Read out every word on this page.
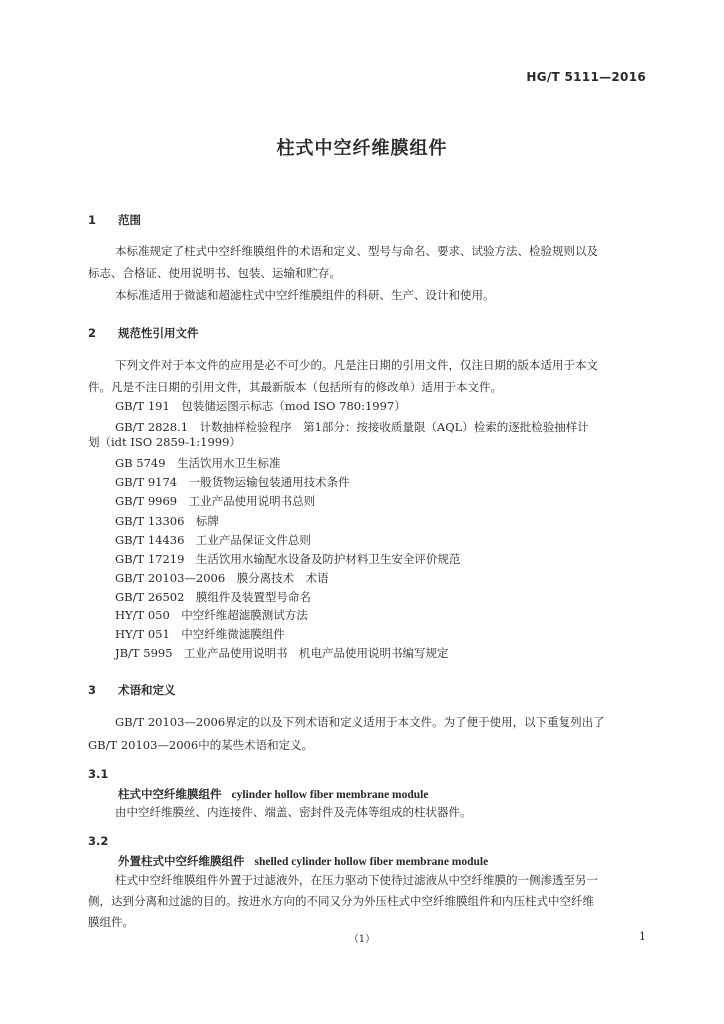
HG/T 5111—2016
柱式中空纤维膜组件
1 范围
本标准规定了柱式中空纤维膜组件的术语和定义、型号与命名、要求、试验方法、检验规则以及
标志、合格证、使用说明书、包装、运输和贮存。
本标准适用于微滤和超滤柱式中空纤维膜组件的科研、生产、设计和使用。
2 规范性引用文件
下列文件对于本文件的应用是必不可少的。凡是注日期的引用文件，仅注日期的版本适用于本文
件。凡是不注日期的引用文件，其最新版本（包括所有的修改单）适用于本文件。
GB/T 191　包装储运图示标志（mod ISO 780:1997）
GB/T 2828.1　计数抽样检验程序　第1部分：按接收质量限（AQL）检索的逐批检验抽样计
划（idt ISO 2859-1:1999）
GB 5749　生活饮用水卫生标准
GB/T 9174　一般货物运输包装通用技术条件
GB/T 9969　工业产品使用说明书总则
GB/T 13306　标牌
GB/T 14436　工业产品保证文件总则
GB/T 17219　生活饮用水输配水设备及防护材料卫生安全评价规范
GB/T 20103—2006　膜分离技术　术语
GB/T 26502　膜组件及装置型号命名
HY/T 050　中空纤维超滤膜测试方法
HY/T 051　中空纤维微滤膜组件
JB/T 5995　工业产品使用说明书　机电产品使用说明书编写规定
3 术语和定义
GB/T 20103—2006界定的以及下列术语和定义适用于本文件。为了便于使用，以下重复列出了
GB/T 20103—2006中的某些术语和定义。
3.1
柱式中空纤维膜组件 cylinder hollow fiber membrane module
由中空纤维膜丝、内连接件、端盖、密封件及壳体等组成的柱状器件。
3.2
外置柱式中空纤维膜组件 shelled cylinder hollow fiber membrane module
柱式中空纤维膜组件外置于过滤液外，在压力驱动下使待过滤液从中空纤维膜的一侧渗透至另一
侧，达到分离和过滤的目的。按进水方向的不同又分为外压柱式中空纤维膜组件和内压柱式中空纤维
膜组件。
（1）	1
